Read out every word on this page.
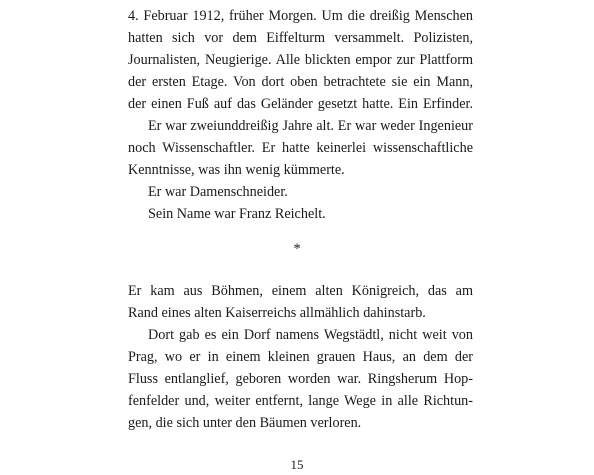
4. Februar 1912, früher Morgen. Um die dreißig Menschen
hatten sich vor dem Eiffelturm versammelt. Polizisten,
Journalisten, Neugierige. Alle blickten empor zur Plattform
der ersten Etage. Von dort oben betrachtete sie ein Mann,
der einen Fuß auf das Geländer gesetzt hatte. Ein Erfinder.
Er war zweiunddreißig Jahre alt. Er war weder Ingenieur
noch Wissenschaftler. Er hatte keinerlei wissenschaftliche
Kenntnisse, was ihn wenig kümmerte.
Er war Damenschneider.
Sein Name war Franz Reichelt.
*
Er kam aus Böhmen, einem alten Königreich, das am
Rand eines alten Kaiserreichs allmählich dahinstarb.
Dort gab es ein Dorf namens Wegstädtl, nicht weit von
Prag, wo er in einem kleinen grauen Haus, an dem der
Fluss entlanglief, geboren worden war. Ringsherum Hop-
fenfelder und, weiter entfernt, lange Wege in alle Richtun-
gen, die sich unter den Bäumen verloren.
15
